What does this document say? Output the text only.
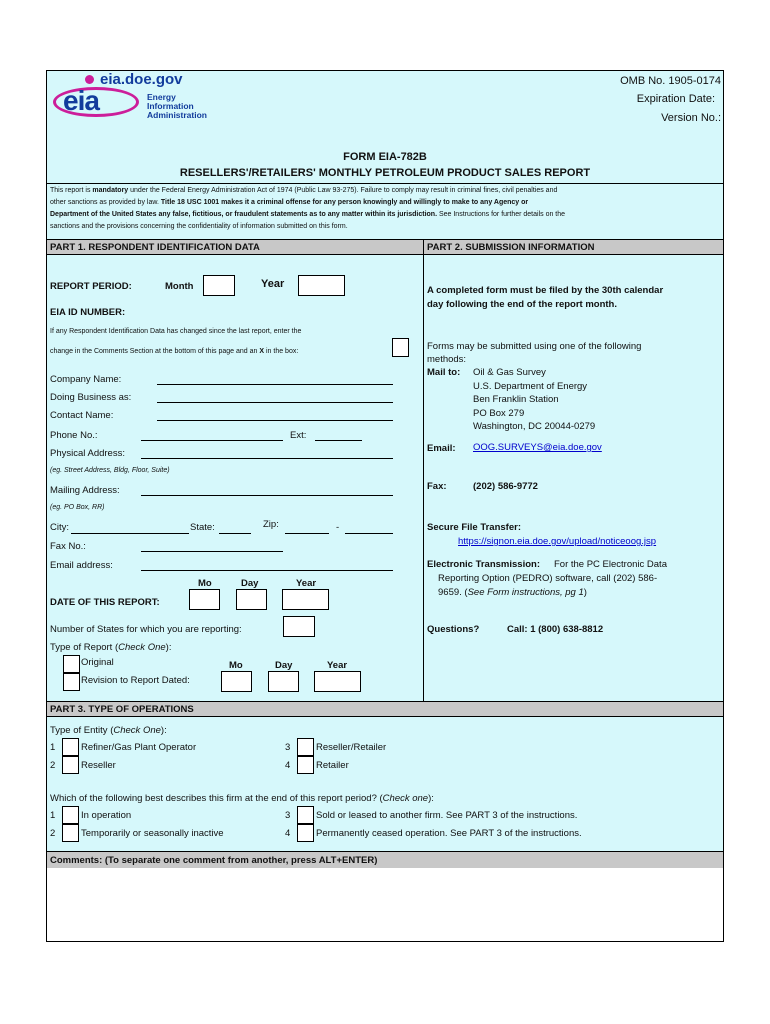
eia.doe.gov
eia	Energy
Information
Administration
OMB No. 1905-0174
Expiration Date:
Version No.:
FORM EIA-782B
RESELLERS'/RETAILERS' MONTHLY PETROLEUM PRODUCT SALES REPORT
This report is mandatory under the Federal Energy Administration Act of 1974 (Public Law 93-275). Failure to comply may result in criminal fines, civil penalties and
other sanctions as provided by law. Title 18 USC 1001 makes it a criminal offense for any person knowingly and willingly to make to any Agency or
Department of the United States any false, fictitious, or fraudulent statements as to any matter within its jurisdiction. See Instructions for further details on the
sanctions and the provisions concerning the confidentiality of information submitted on this form.
PART 1. RESPONDENT IDENTIFICATION DATA	PART 2. SUBMISSION INFORMATION
REPORT PERIOD:	Month	Year
EIA ID NUMBER:
If any Respondent Identification Data has changed since the last report, enter the
change in the Comments Section at the bottom of this page and an X in the box:
Company Name:
Doing Business as:
Contact Name:
Phone No.:	Ext:
Physical Address:
(eg. Street Address, Bldg, Floor, Suite)
Mailing Address:
(eg. PO Box, RR)
City:	State:	Zip:	-
Fax No.:
Email address:
Mo	Day	Year
DATE OF THIS REPORT:
Number of States for which you are reporting:
Type of Report (Check One):
Original
Revision to Report Dated:
Mo	Day	Year
A completed form must be filed by the 30th calendar
day following the end of the report month.
Forms may be submitted using one of the following
methods:
Mail to: Oil & Gas Survey
U.S. Department of Energy
Ben Franklin Station
PO Box 279
Washington, DC 20044-0279
Email: OOG.SURVEYS@eia.doe.gov
Fax:	(202) 586-9772
Secure File Transfer:
https://signon.eia.doe.gov/upload/noticeoog.jsp
Electronic Transmission: For the PC Electronic Data
Reporting Option (PEDRO) software, call (202) 586-
9659. (See Form instructions, pg 1)
Questions?	Call: 1 (800) 638-8812
PART 3. TYPE OF OPERATIONS
Type of Entity (Check One):
1	Refiner/Gas Plant Operator
2	Reseller
3	Reseller/Retailer
4	Retailer
Which of the following best describes this firm at the end of this report period? (Check one):
1	In operation
2	Temporarily or seasonally inactive
3	Sold or leased to another firm. See PART 3 of the instructions.
4	Permanently ceased operation. See PART 3 of the instructions.
Comments: (To separate one comment from another, press ALT+ENTER)
